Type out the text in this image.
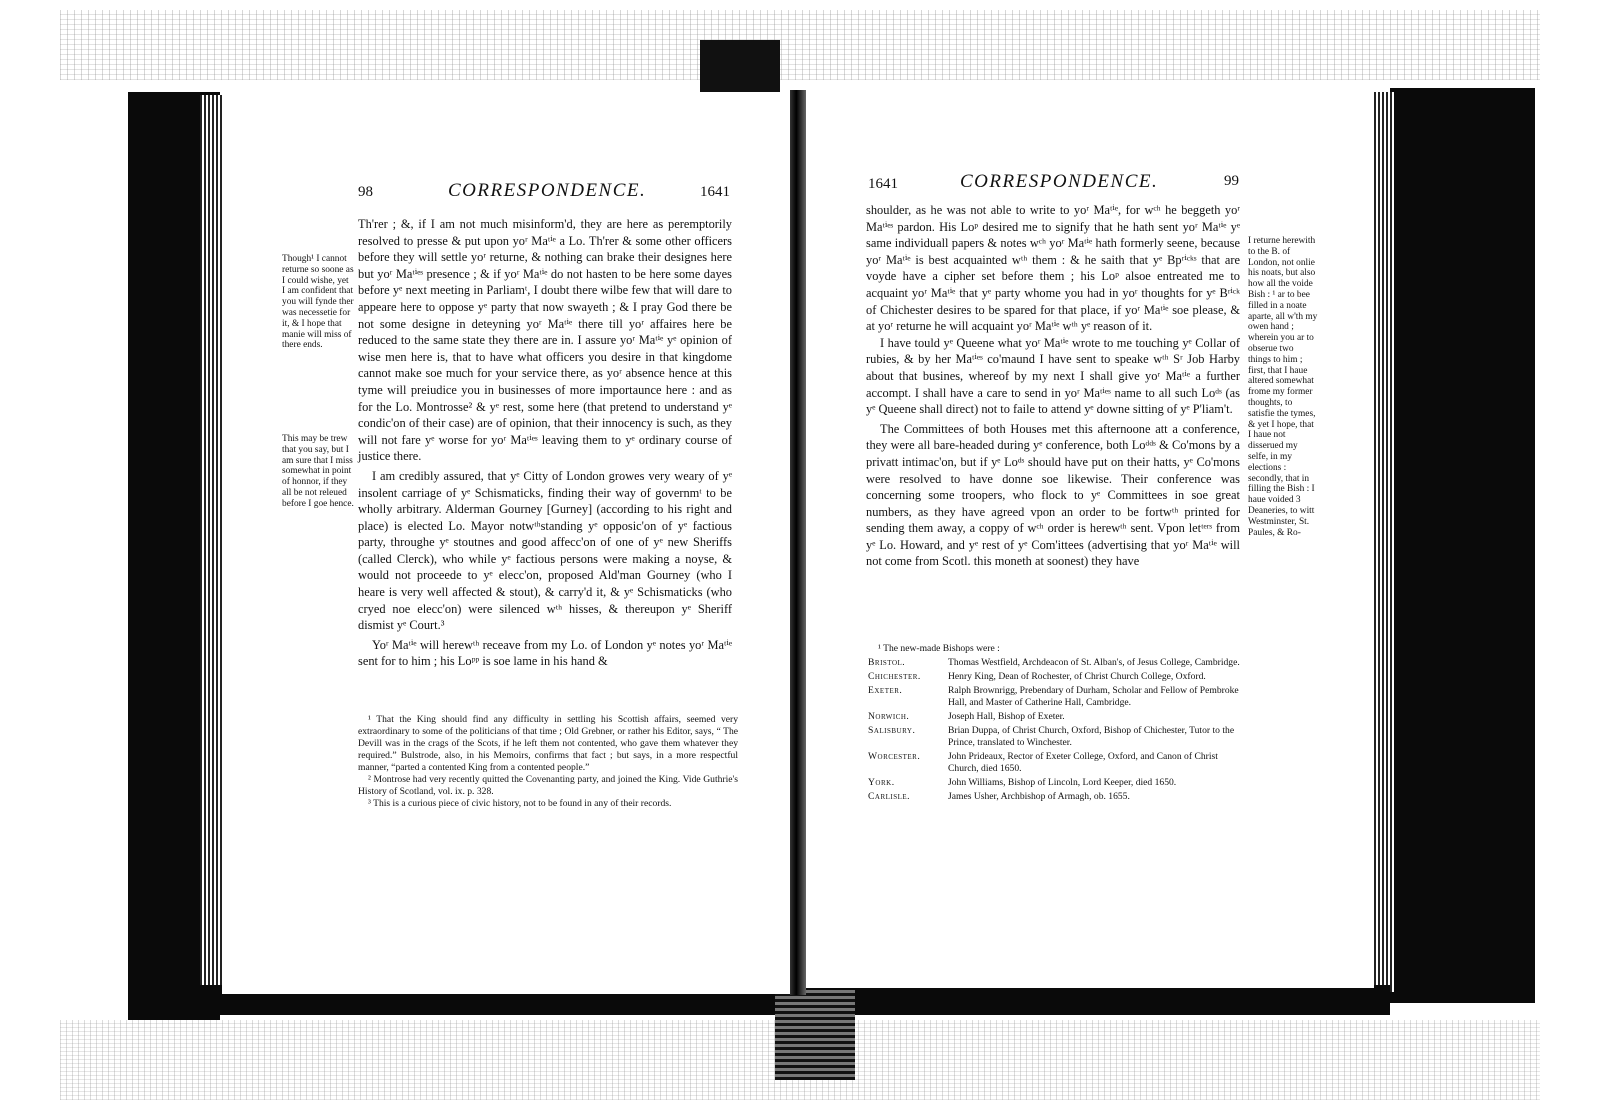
98	CORRESPONDENCE.	1641
Though¹ I cannot returne so soone as I could wishe, yet I am confident that you will fynde ther was necessetie for it, & I hope that manie will miss of there ends.
This may be trew that you say, but I am sure that I miss somewhat in point of honnor, if they all be not releued before I goe hence.

Th'rer ; &, if I am not much misinform'd, they are here as peremptorily resolved to presse & put upon yoʳ Maᵗⁱᵉ a Lo. Th'rer & some other officers before they will settle yoʳ returne, & nothing can brake their designes here but yoʳ Maᵗⁱᵉˢ presence ; & if yoʳ Maᵗⁱᵉ do not hasten to be here some dayes before yᵉ next meeting in Parliamᵗ, I doubt there wilbe few that will dare to appeare here to oppose yᵉ party that now swayeth ; & I pray God there be not some designe in deteyning yoʳ Maᵗⁱᵉ there till yoʳ affaires here be reduced to the same state they there are in. I assure yoʳ Maᵗⁱᵉ yᵉ opinion of wise men here is, that to have what officers you desire in that kingdome cannot make soe much for your service there, as yoʳ absence hence at this tyme will preiudice you in businesses of more importaunce here : and as for the Lo. Montrosse² & yᵉ rest, some here (that pretend to understand yᵉ condic'on of their case) are of opinion, that their innocency is such, as they will not fare yᵉ worse for yoʳ Maᵗⁱᵉˢ leaving them to yᵉ ordinary course of justice there.

I am credibly assured, that yᵉ Citty of London growes very weary of yᵉ insolent carriage of yᵉ Schismaticks, finding their way of governmᵗ to be wholly arbitrary. Alderman Gourney [Gurney] (according to his right and place) is elected Lo. Mayor notwᵗʰstanding yᵉ opposic'on of yᵉ factious party, throughe yᵉ stoutnes and good affecc'on of one of yᵉ new Sheriffs (called Clerck), who while yᵉ factious persons were making a noyse, & would not proceede to yᵉ elecc'on, proposed Ald'man Gourney (who I heare is very well affected & stout), & carry'd it, & yᵉ Schismaticks (who cryed noe elecc'on) were silenced wᵗʰ hisses, & thereupon yᵉ Sheriff dismist yᵉ Court.³

Yoʳ Maᵗⁱᵉ will herewᵗʰ receave from my Lo. of London yᵉ notes yoʳ Maᵗⁱᵉ sent for to him ; his Loᵖᵖ is soe lame in his hand &

¹ That the King should find any difficulty in settling his Scottish affairs, seemed very extraordinary to some of the politicians of that time ; Old Grebner, or rather his Editor, says, “ The Devill was in the crags of the Scots, if he left them not contented, who gave them whatever they required.” Bulstrode, also, in his Memoirs, confirms that fact ; but says, in a more respectful manner, “parted a contented King from a contented people.”

² Montrose had very recently quitted the Covenanting party, and joined the King. Vide Guthrie's History of Scotland, vol. ix. p. 328.

³ This is a curious piece of civic history, not to be found in any of their records.

1641	CORRESPONDENCE.	99

shoulder, as he was not able to write to yoʳ Maᵗⁱᵉ, for wᶜʰ he beggeth yoʳ Maᵗⁱᵉˢ pardon. His Loᵖ desired me to signify that he hath sent yoʳ Maᵗⁱᵉ yᵉ same individuall papers & notes wᶜʰ yoʳ Maᵗⁱᵉ hath formerly seene, because yoʳ Maᵗⁱᵉ is best acquainted wᵗʰ them : & he saith that yᵉ Bpʳⁱᶜᵏˢ that are voyde have a cipher set before them ; his Loᵖ alsoe entreated me to acquaint yoʳ Maᵗⁱᵉ that yᵉ party whome you had in yoʳ thoughts for yᵉ Bʳⁱᶜᵏ of Chichester desires to be spared for that place, if yoʳ Maᵗⁱᵉ soe please, & at yoʳ returne he will acquaint yoʳ Maᵗⁱᵉ wᵗʰ yᵉ reason of it.

I have tould yᵉ Queene what yoʳ Maᵗⁱᵉ wrote to me touching yᵉ Collar of rubies, & by her Maᵗⁱᵉˢ co'maund I have sent to speake wᵗʰ Sʳ Job Harby about that busines, whereof by my next I shall give yoʳ Maᵗⁱᵉ a further accompt. I shall have a care to send in yoʳ Maᵗⁱᵉˢ name to all such Loᵈˢ (as yᵉ Queene shall direct) not to faile to attend yᵉ downe sitting of yᵉ P'liam't.

The Committees of both Houses met this afternoone att a conference, they were all bare-headed during yᵉ conference, both Loᵈᵈˢ & Co'mons by a privatt intimac'on, but if yᵉ Loᵈˢ should have put on their hatts, yᵉ Co'mons were resolved to have donne soe likewise. Their conference was concerning some troopers, who flock to yᵉ Committees in soe great numbers, as they have agreed vpon an order to be fortwᵗʰ printed for sending them away, a coppy of wᶜʰ order is herewᵗʰ sent. Vpon letᵗᵉʳˢ from yᵉ Lo. Howard, and yᵉ rest of yᵉ Com'ittees (advertising that yoʳ Maᵗⁱᵉ will not come from Scotl. this moneth at soonest) they have

I returne herewith to the B. of London, not onlie his noats, but also how all the voide Bish : ¹ ar to bee filled in a noate aparte, all w'th my owen hand ; wherein you ar to obserue two things to him ; first, that I haue altered somewhat frome my former thoughts, to satisfie the tymes, & yet I hope, that I haue not disserued my selfe, in my elections : secondly, that in filling the Bish : I haue voided 3 Deaneries, to witt Westminster, St. Paules, & Ro-
¹ The new-made Bishops were :
Bristol.	Thomas Westfield, Archdeacon of St. Alban's, of Jesus College, Cambridge.
Chichester.	Henry King, Dean of Rochester, of Christ Church College, Oxford.
Exeter.	Ralph Brownrigg, Prebendary of Durham, Scholar and Fellow of Pembroke Hall, and Master of Catherine Hall, Cambridge.
Norwich.	Joseph Hall, Bishop of Exeter.
Salisbury.	Brian Duppa, of Christ Church, Oxford, Bishop of Chichester, Tutor to the Prince, translated to Winchester.
Worcester.	John Prideaux, Rector of Exeter College, Oxford, and Canon of Christ Church, died 1650.
York.	John Williams, Bishop of Lincoln, Lord Keeper, died 1650.
Carlisle.	James Usher, Archbishop of Armagh, ob. 1655.
